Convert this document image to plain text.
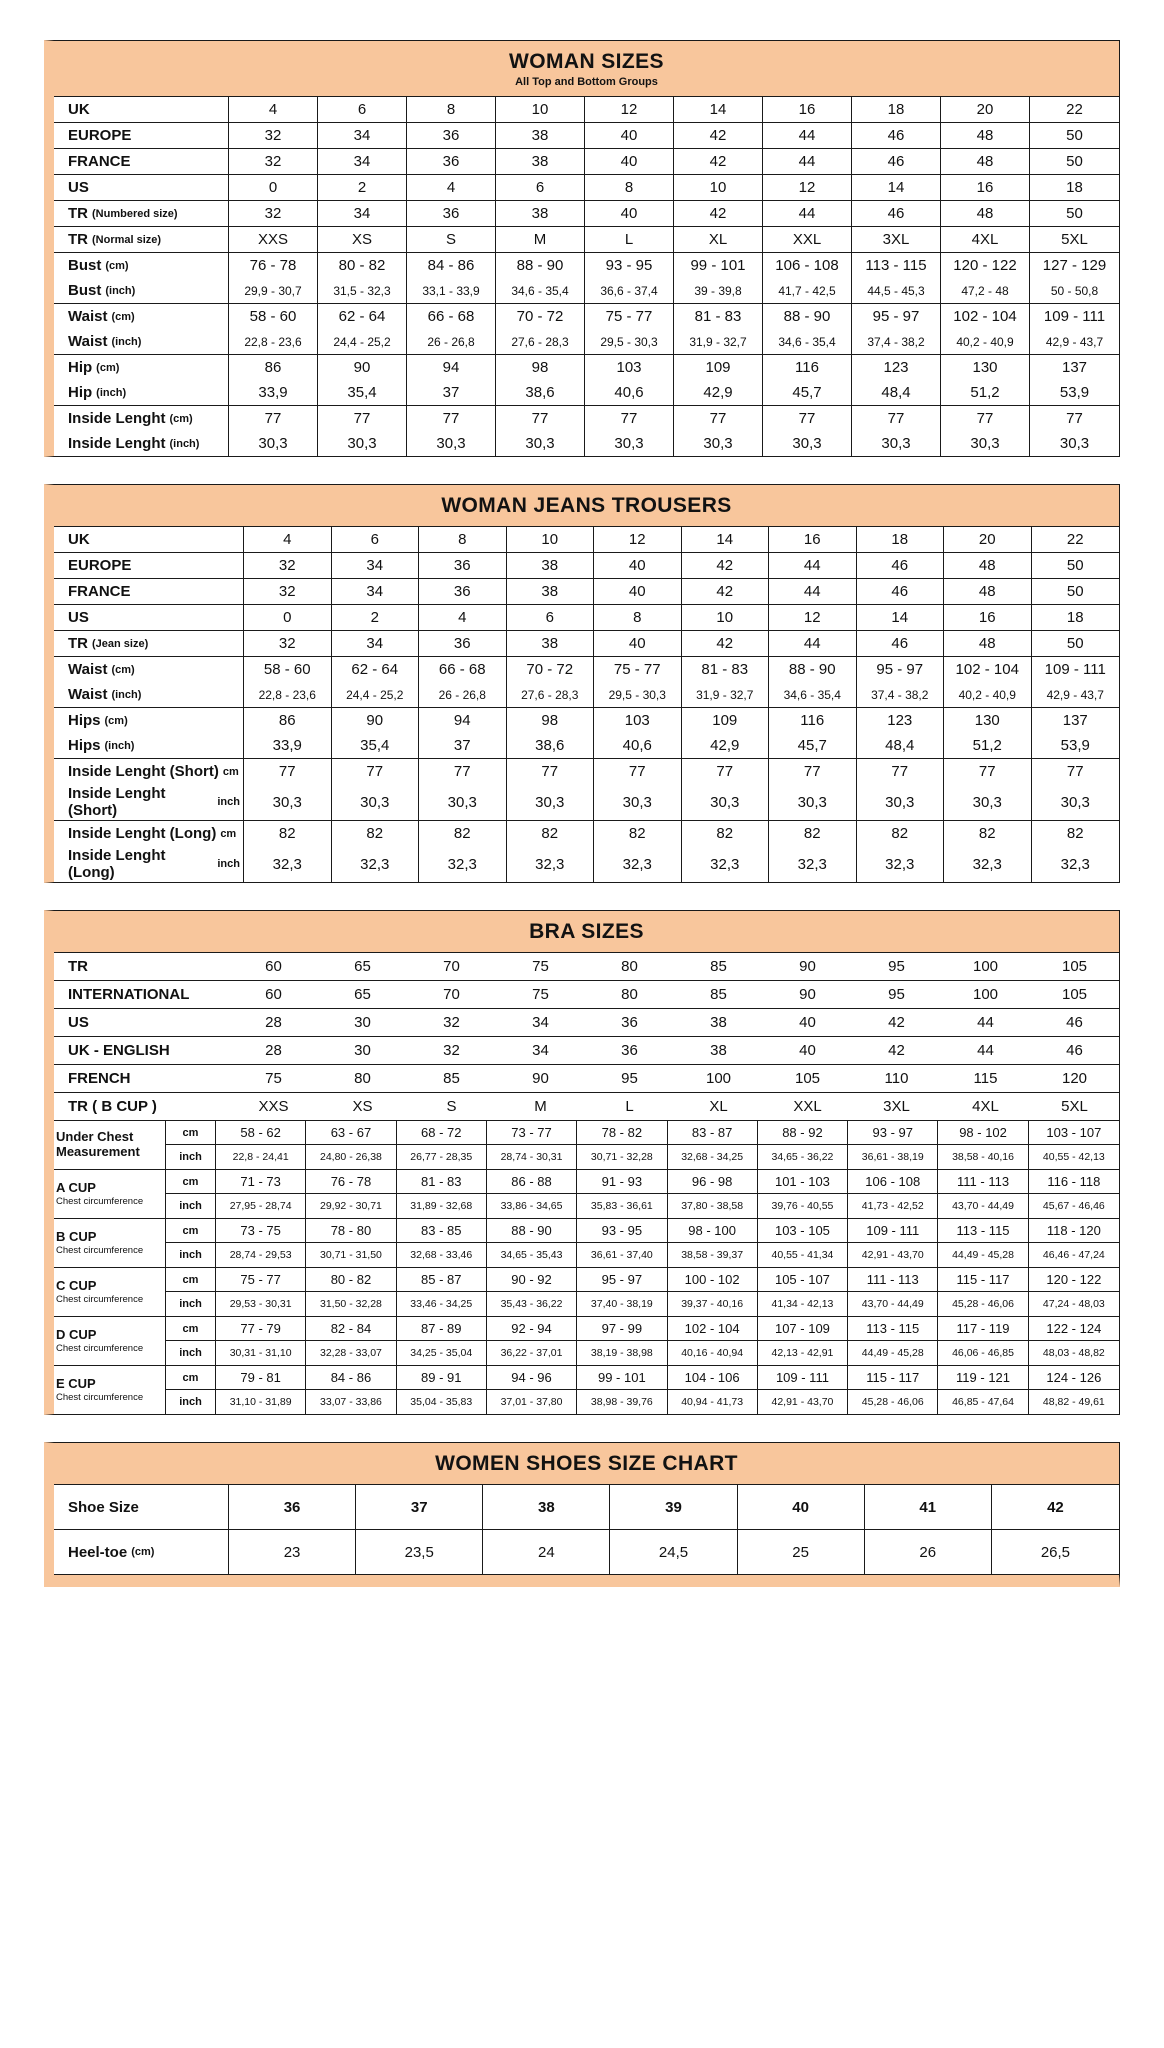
WOMAN SIZES
All Top and Bottom Groups
UK	4	6	8	10	12	14	16	18	20	22
EUROPE	32	34	36	38	40	42	44	46	48	50
FRANCE	32	34	36	38	40	42	44	46	48	50
US	0	2	4	6	8	10	12	14	16	18
TR (Numbered size)	32	34	36	38	40	42	44	46	48	50
TR (Normal size)	XXS	XS	S	M	L	XL	XXL	3XL	4XL	5XL
Bust (cm)	76 - 78	80 - 82	84 - 86	88 - 90	93 - 95	99 - 101	106 - 108	113 - 115	120 - 122	127 - 129
Bust (inch)	29,9 - 30,7	31,5 - 32,3	33,1 - 33,9	34,6 - 35,4	36,6 - 37,4	39 - 39,8	41,7 - 42,5	44,5 - 45,3	47,2 - 48	50 - 50,8
Waist (cm)	58 - 60	62 - 64	66 - 68	70 - 72	75 - 77	81 - 83	88 - 90	95 - 97	102 - 104	109 - 111
Waist (inch)	22,8 - 23,6	24,4 - 25,2	26 - 26,8	27,6 - 28,3	29,5 - 30,3	31,9 - 32,7	34,6 - 35,4	37,4 - 38,2	40,2 - 40,9	42,9 - 43,7
Hip (cm)	86	90	94	98	103	109	116	123	130	137
Hip (inch)	33,9	35,4	37	38,6	40,6	42,9	45,7	48,4	51,2	53,9
Inside Lenght (cm)	77	77	77	77	77	77	77	77	77	77
Inside Lenght (inch)	30,3	30,3	30,3	30,3	30,3	30,3	30,3	30,3	30,3	30,3
WOMAN JEANS TROUSERS
UK	4	6	8	10	12	14	16	18	20	22
EUROPE	32	34	36	38	40	42	44	46	48	50
FRANCE	32	34	36	38	40	42	44	46	48	50
US	0	2	4	6	8	10	12	14	16	18
TR (Jean size)	32	34	36	38	40	42	44	46	48	50
Waist (cm)	58 - 60	62 - 64	66 - 68	70 - 72	75 - 77	81 - 83	88 - 90	95 - 97	102 - 104	109 - 111
Waist (inch)	22,8 - 23,6	24,4 - 25,2	26 - 26,8	27,6 - 28,3	29,5 - 30,3	31,9 - 32,7	34,6 - 35,4	37,4 - 38,2	40,2 - 40,9	42,9 - 43,7
Hips (cm)	86	90	94	98	103	109	116	123	130	137
Hips (inch)	33,9	35,4	37	38,6	40,6	42,9	45,7	48,4	51,2	53,9
Inside Lenght (Short) cm	77	77	77	77	77	77	77	77	77	77
Inside Lenght (Short)	inch	30,3	30,3	30,3	30,3	30,3	30,3	30,3	30,3	30,3	30,3
Inside Lenght (Long) cm	82	82	82	82	82	82	82	82	82	82
Inside Lenght (Long)	inch	32,3	32,3	32,3	32,3	32,3	32,3	32,3	32,3	32,3	32,3
BRA SIZES
TR	60	65	70	75	80	85	90	95	100	105
INTERNATIONAL	60	65	70	75	80	85	90	95	100	105
US	28	30	32	34	36	38	40	42	44	46
UK - ENGLISH	28	30	32	34	36	38	40	42	44	46
FRENCH	75	80	85	90	95	100	105	110	115	120
TR ( B CUP )	XXS	XS	S	M	L	XL	XXL	3XL	4XL	5XL
Under Chest Measurement
cm	58 - 62	63 - 67	68 - 72	73 - 77	78 - 82	83 - 87	88 - 92	93 - 97	98 - 102	103 - 107
inch	22,8 - 24,41	24,80 - 26,38	26,77 - 28,35	28,74 - 30,31	30,71 - 32,28	32,68 - 34,25	34,65 - 36,22	36,61 - 38,19	38,58 - 40,16	40,55 - 42,13
A CUP
Chest circumference
cm	71 - 73	76 - 78	81 - 83	86 - 88	91 - 93	96 - 98	101 - 103	106 - 108	111 - 113	116 - 118
inch	27,95 - 28,74	29,92 - 30,71	31,89 - 32,68	33,86 - 34,65	35,83 - 36,61	37,80 - 38,58	39,76 - 40,55	41,73 - 42,52	43,70 - 44,49	45,67 - 46,46
B CUP
Chest circumference
cm	73 - 75	78 - 80	83 - 85	88 - 90	93 - 95	98 - 100	103 - 105	109 - 111	113 - 115	118 - 120
inch	28,74 - 29,53	30,71 - 31,50	32,68 - 33,46	34,65 - 35,43	36,61 - 37,40	38,58 - 39,37	40,55 - 41,34	42,91 - 43,70	44,49 - 45,28	46,46 - 47,24
C CUP
Chest circumference
cm	75 - 77	80 - 82	85 - 87	90 - 92	95 - 97	100 - 102	105 - 107	111 - 113	115 - 117	120 - 122
inch	29,53 - 30,31	31,50 - 32,28	33,46 - 34,25	35,43 - 36,22	37,40 - 38,19	39,37 - 40,16	41,34 - 42,13	43,70 - 44,49	45,28 - 46,06	47,24 - 48,03
D CUP
Chest circumference
cm	77 - 79	82 - 84	87 - 89	92 - 94	97 - 99	102 - 104	107 - 109	113 - 115	117 - 119	122 - 124
inch	30,31 - 31,10	32,28 - 33,07	34,25 - 35,04	36,22 - 37,01	38,19 - 38,98	40,16 - 40,94	42,13 - 42,91	44,49 - 45,28	46,06 - 46,85	48,03 - 48,82
E CUP
Chest circumference
cm	79 - 81	84 - 86	89 - 91	94 - 96	99 - 101	104 - 106	109 - 111	115 - 117	119 - 121	124 - 126
inch	31,10 - 31,89	33,07 - 33,86	35,04 - 35,83	37,01 - 37,80	38,98 - 39,76	40,94 - 41,73	42,91 - 43,70	45,28 - 46,06	46,85 - 47,64	48,82 - 49,61
WOMEN SHOES SIZE CHART
Shoe Size	36	37	38	39	40	41	42
Heel-toe (cm)	23	23,5	24	24,5	25	26	26,5
